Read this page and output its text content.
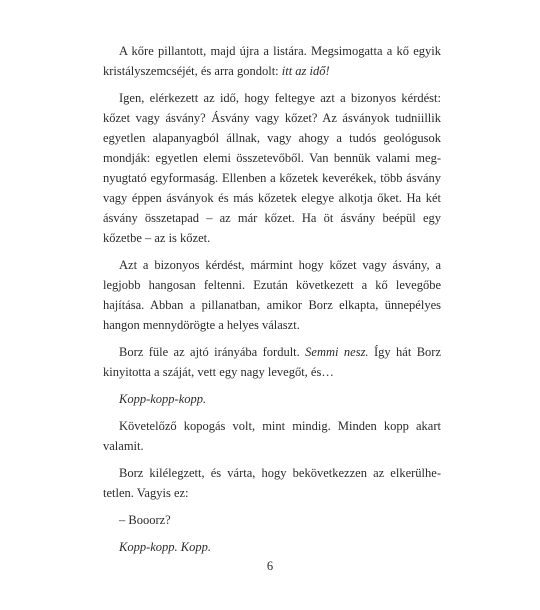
A kőre pillantott, majd újra a listára. Megsimogatta a kő egyik kristályszemcséjét, és arra gondolt: itt az idő!

Igen, elérkezett az idő, hogy feltegye azt a bizonyos kérdést: kőzet vagy ásvány? Ásvány vagy kőzet? Az ásványok tudniillik egyetlen alapanyagból állnak, vagy ahogy a tudós geológusok mondják: egyetlen elemi összetevőből. Van bennük valami megnyugtató egyformaság. Ellenben a kőzetek keverékek, több ásvány vagy éppen ásványok és más kőzetek elegye alkotja őket. Ha két ásvány összetapad – az már kőzet. Ha öt ásvány beépül egy kőzetbe – az is kőzet.

Azt a bizonyos kérdést, mármint hogy kőzet vagy ásvány, a legjobb hangosan feltenni. Ezután következett a kő levegőbe hajítása. Abban a pillanatban, amikor Borz elkapta, ünnepélyes hangon mennydörögte a helyes választ.

Borz füle az ajtó irányába fordult. Semmi nesz. Így hát Borz kinyitotta a száját, vett egy nagy levegőt, és…

Kopp-kopp-kopp.

Követelőző kopogás volt, mint mindig. Minden kopp akart valamit.

Borz kilélegzett, és várta, hogy bekövetkezzen az elkerülhetetlen. Vagyis ez:

– Booorz?

Kopp-kopp. Kopp.

6
